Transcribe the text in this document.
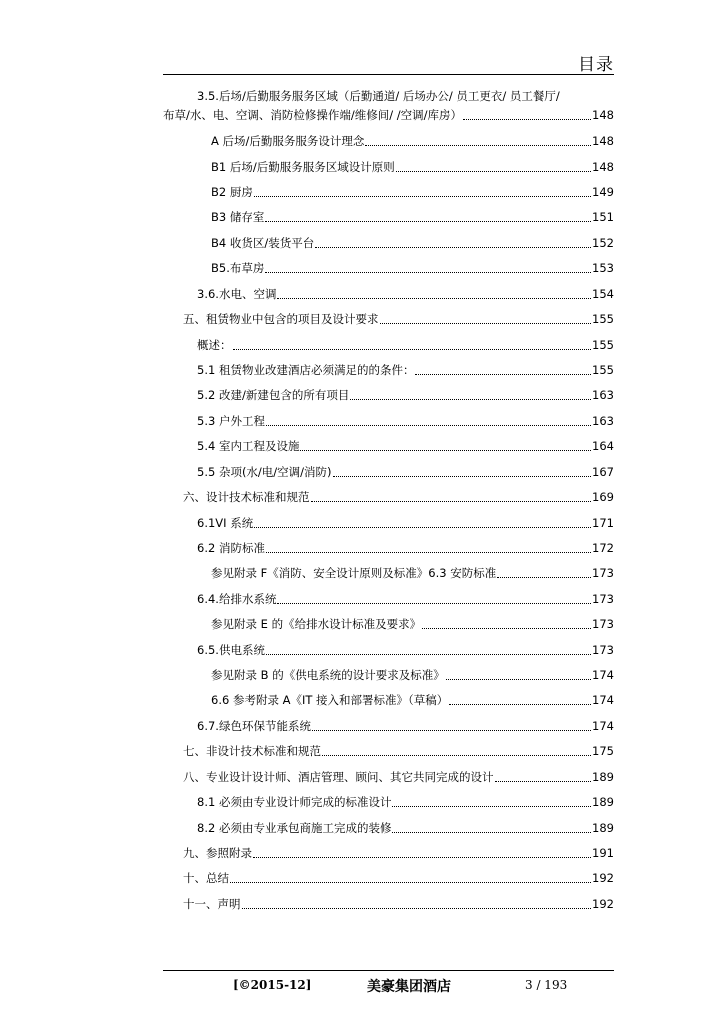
目录
3.5.后场/后勤服务服务区域（后勤通道/ 后场办公/ 员工更衣/ 员工餐厅/
布草/水、电、空调、消防检修操作端/维修间/ /空调/库房）	148
A 后场/后勤服务服务设计理念	148
B1 后场/后勤服务服务区域设计原则	148
B2 厨房	149
B3 储存室	151
B4 收货区/装货平台	152
B5.布草房	153
3.6.水电、空调	154
五、租赁物业中包含的项目及设计要求	155
概述：	155
5.1 租赁物业改建酒店必须满足的的条件：	155
5.2 改建/新建包含的所有项目	163
5.3 户外工程	163
5.4 室内工程及设施	164
5.5 杂项(水/电/空调/消防)	167
六、设计技术标准和规范	169
6.1VI 系统	171
6.2 消防标准	172
参见附录 F《消防、安全设计原则及标准》6.3 安防标准	173
6.4.给排水系统	173
参见附录 E 的《给排水设计标准及要求》	173
6.5.供电系统	173
参见附录 B 的《供电系统的设计要求及标准》	174
6.6 参考附录 A《IT 接入和部署标准》（草稿）	174
6.7.绿色环保节能系统	174
七、非设计技术标准和规范	175
八、专业设计设计师、酒店管理、顾问、其它共同完成的设计	189
8.1 必须由专业设计师完成的标准设计	189
8.2 必须由专业承包商施工完成的装修	189
九、参照附录	191
十、总结	192
十一、声明	192
[©2015-12]	美豪集团酒店	3 / 193
